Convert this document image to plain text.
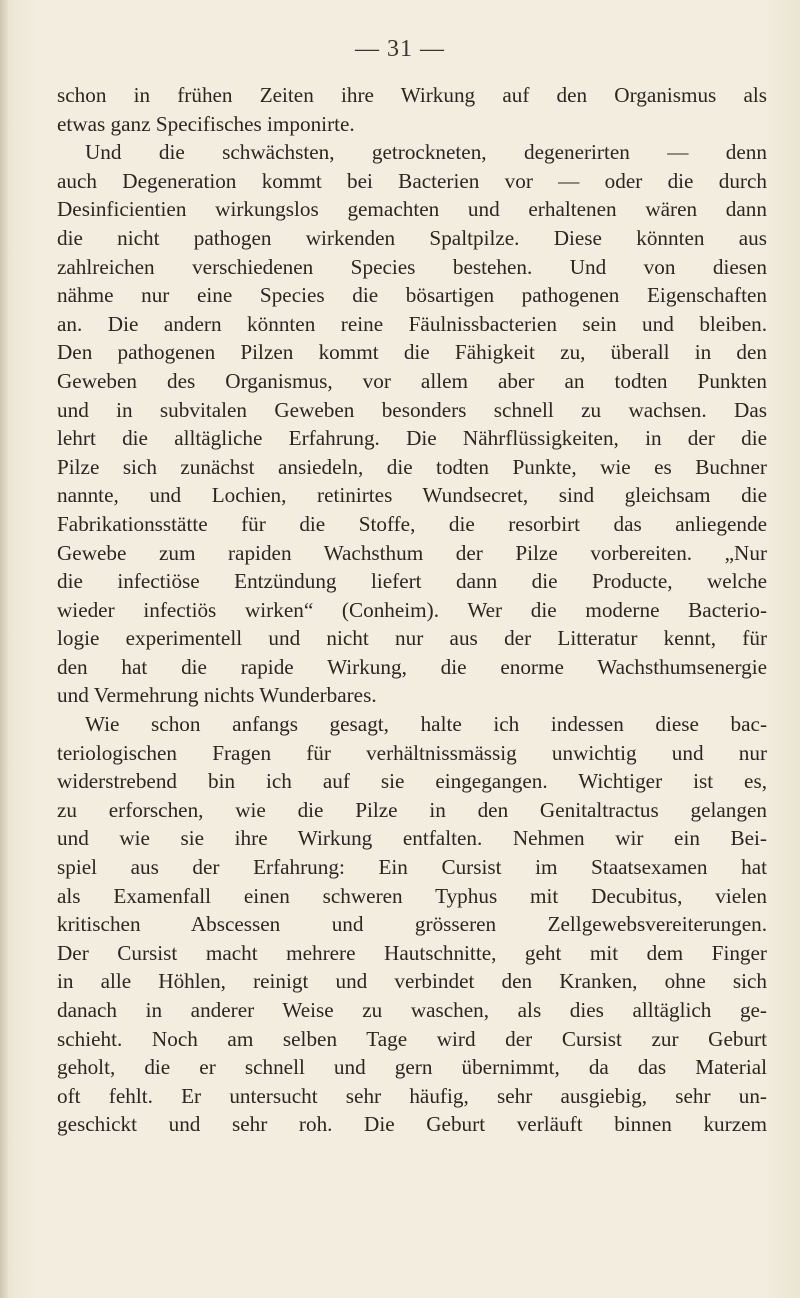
— 31 —
schon in frühen Zeiten ihre Wirkung auf den Organismus als
etwas ganz Specifisches imponirte.
Und die schwächsten, getrockneten, degenerirten — denn
auch Degeneration kommt bei Bacterien vor — oder die durch
Desinficientien wirkungslos gemachten und erhaltenen wären dann
die nicht pathogen wirkenden Spaltpilze. Diese könnten aus
zahlreichen verschiedenen Species bestehen. Und von diesen
nähme nur eine Species die bösartigen pathogenen Eigenschaften
an. Die andern könnten reine Fäulnissbacterien sein und bleiben.
Den pathogenen Pilzen kommt die Fähigkeit zu, überall in den
Geweben des Organismus, vor allem aber an todten Punkten
und in subvitalen Geweben besonders schnell zu wachsen. Das
lehrt die alltägliche Erfahrung. Die Nährflüssigkeiten, in der die
Pilze sich zunächst ansiedeln, die todten Punkte, wie es Buchner
nannte, und Lochien, retinirtes Wundsecret, sind gleichsam die
Fabrikationsstätte für die Stoffe, die resorbirt das anliegende
Gewebe zum rapiden Wachsthum der Pilze vorbereiten. „Nur
die infectiöse Entzündung liefert dann die Producte, welche
wieder infectiös wirken“ (Conheim). Wer die moderne Bacterio-
logie experimentell und nicht nur aus der Litteratur kennt, für
den hat die rapide Wirkung, die enorme Wachsthumsenergie
und Vermehrung nichts Wunderbares.
Wie schon anfangs gesagt, halte ich indessen diese bac-
teriologischen Fragen für verhältnissmässig unwichtig und nur
widerstrebend bin ich auf sie eingegangen. Wichtiger ist es,
zu erforschen, wie die Pilze in den Genitaltractus gelangen
und wie sie ihre Wirkung entfalten. Nehmen wir ein Bei-
spiel aus der Erfahrung: Ein Cursist im Staatsexamen hat
als Examenfall einen schweren Typhus mit Decubitus, vielen
kritischen Abscessen und grösseren Zellgewebsvereiterungen.
Der Cursist macht mehrere Hautschnitte, geht mit dem Finger
in alle Höhlen, reinigt und verbindet den Kranken, ohne sich
danach in anderer Weise zu waschen, als dies alltäglich ge-
schieht. Noch am selben Tage wird der Cursist zur Geburt
geholt, die er schnell und gern übernimmt, da das Material
oft fehlt. Er untersucht sehr häufig, sehr ausgiebig, sehr un-
geschickt und sehr roh. Die Geburt verläuft binnen kurzem
